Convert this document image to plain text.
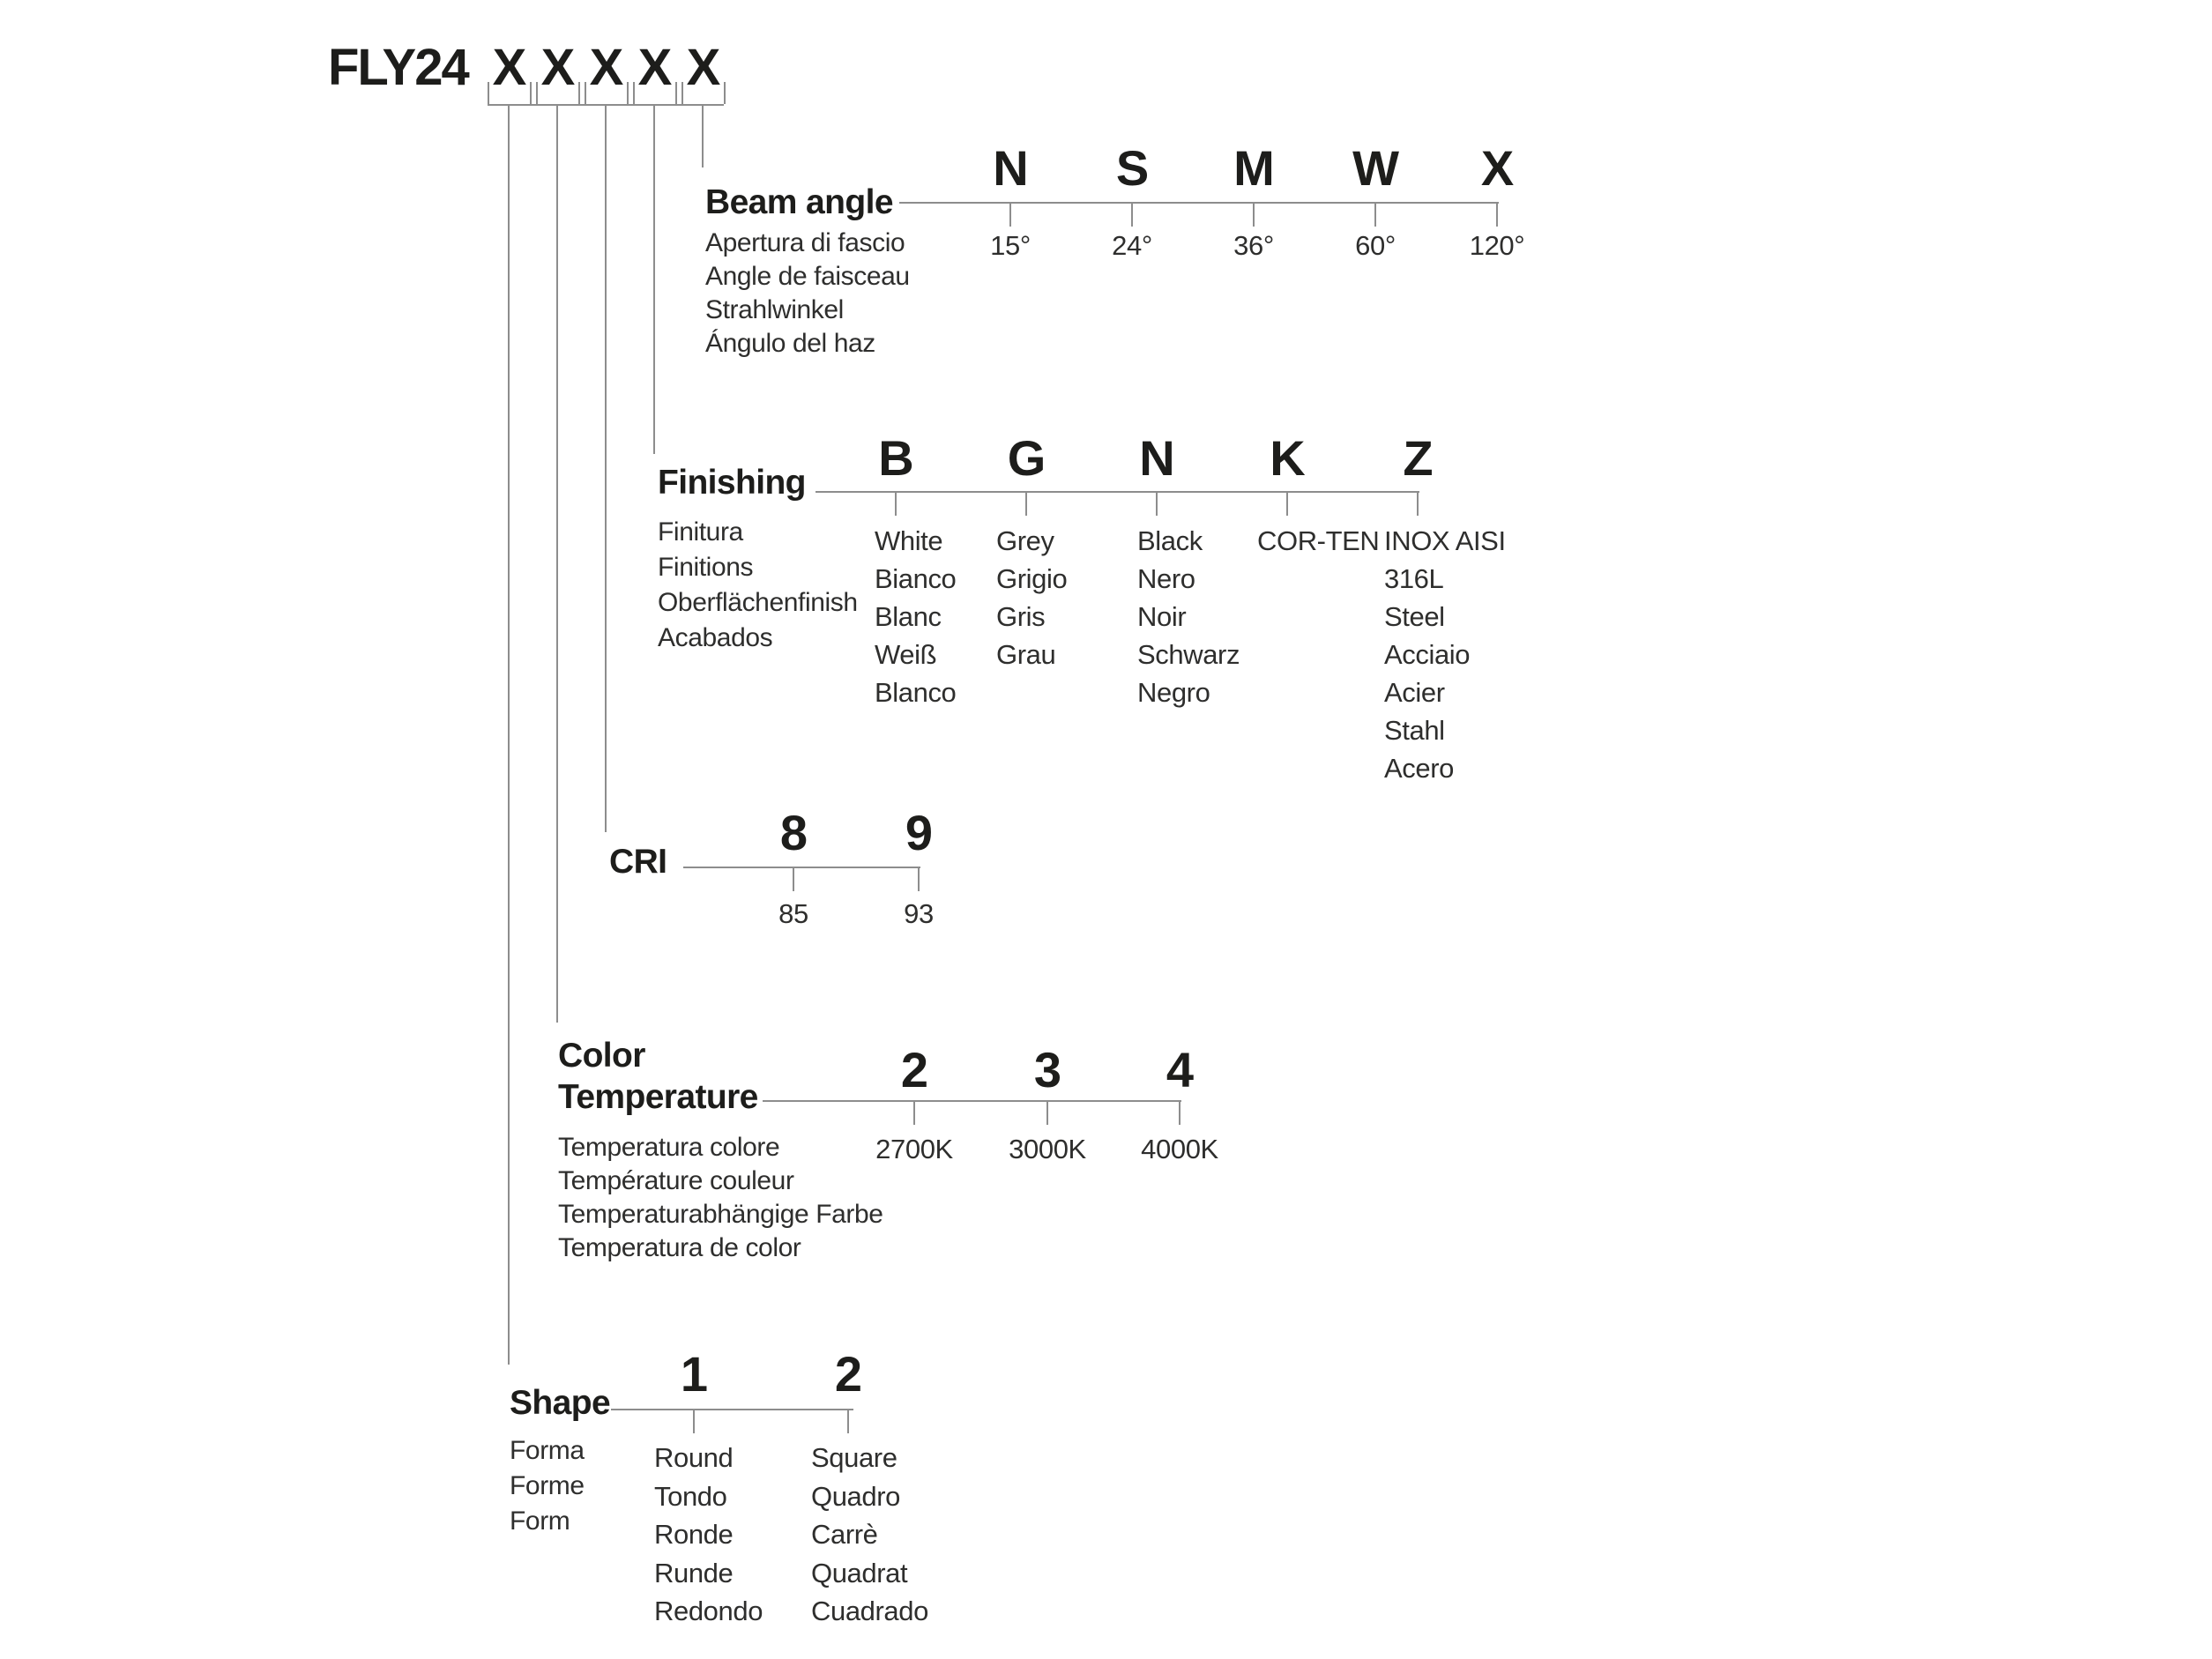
FLY24 X X X X X
Beam angle
Apertura di fascio
Angle de faisceau
Strahlwinkel
Ángulo del haz
N
15°
S
24°
M
36°
W
60°
X
120°
Finishing
Finitura
Finitions
Oberflächenfinish
Acabados
B
White
Bianco
Blanc
Weiß
Blanco
G
Grey
Grigio
Gris
Grau
N
Black
Nero
Noir
Schwarz
Negro
K
COR-TEN
Z
INOX AISI
316L
Steel
Acciaio
Acier
Stahl
Acero
CRI
8
85
9
93
Color
Temperature
Temperatura colore
Température couleur
Temperaturabhängige Farbe
Temperatura de color
2
2700K
3
3000K
4
4000K
Shape
Forma
Forme
Form
1
Round
Tondo
Ronde
Runde
Redondo
2
Square
Quadro
Carrè
Quadrat
Cuadrado
